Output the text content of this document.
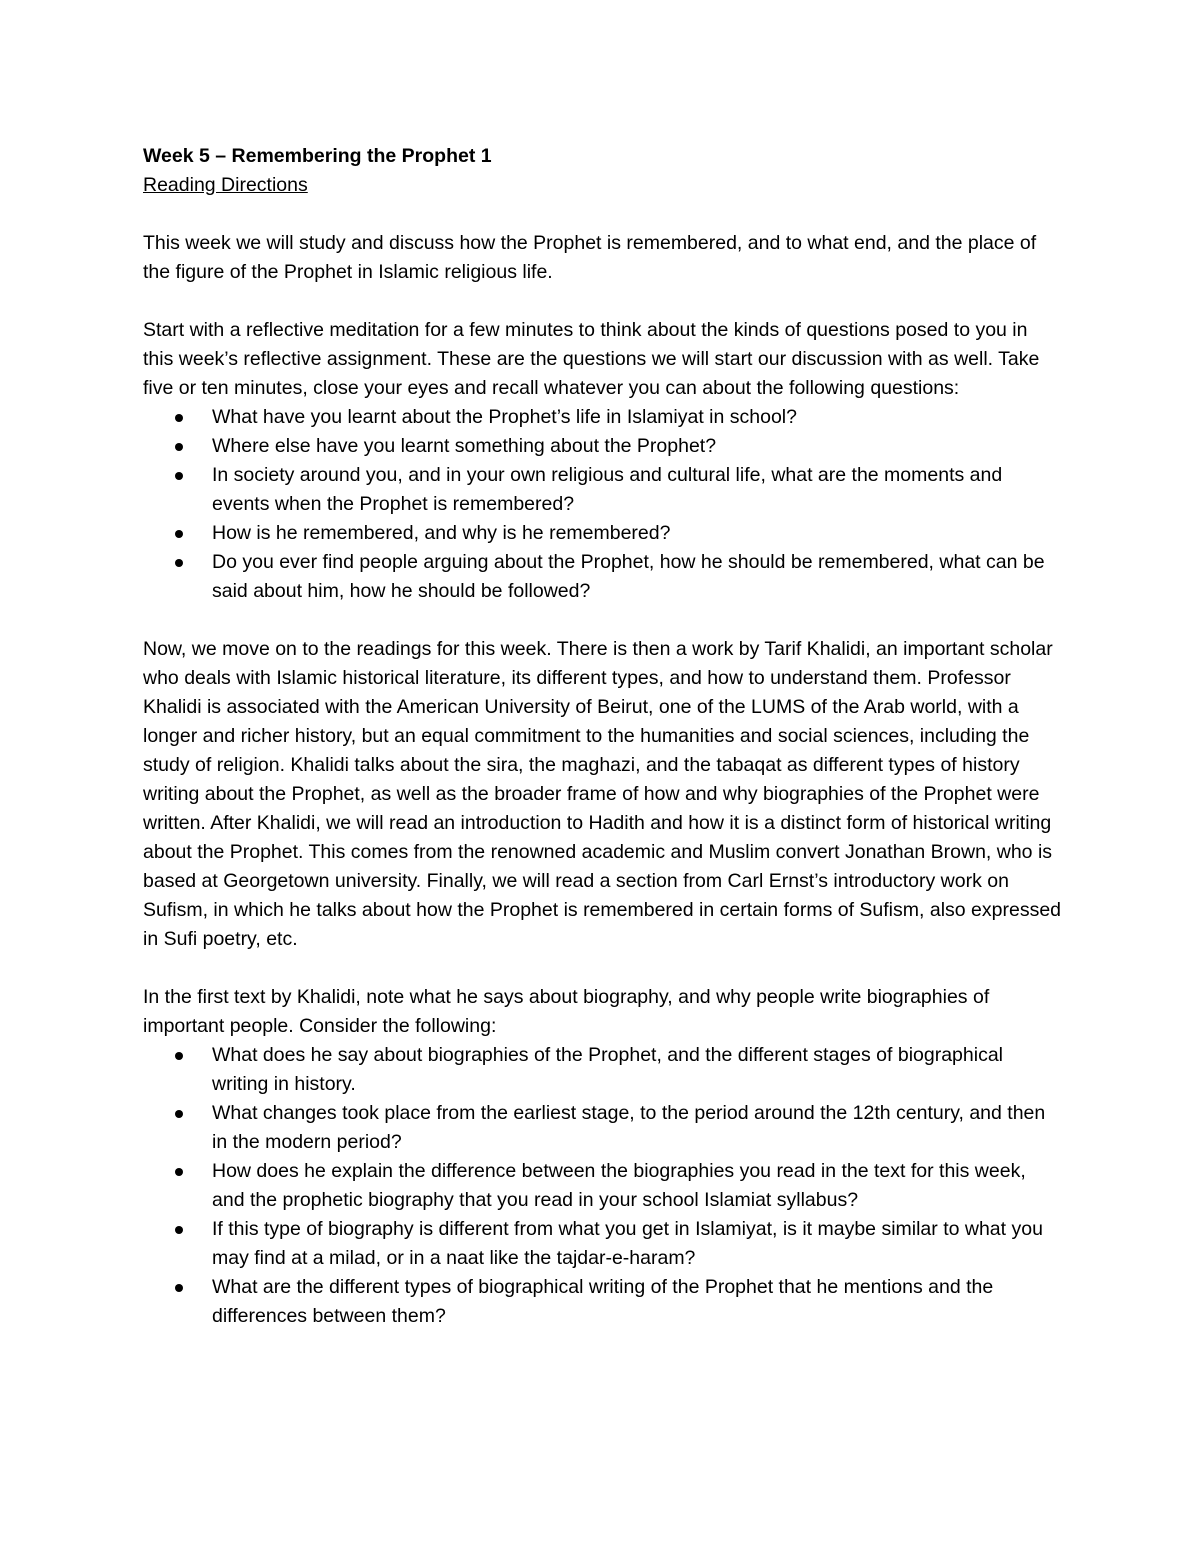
Week 5 – Remembering the Prophet 1

Reading Directions

This week we will study and discuss how the Prophet is remembered, and to what end, and the place of the figure of the Prophet in Islamic religious life.

Start with a reflective meditation for a few minutes to think about the kinds of questions posed to you in this week’s reflective assignment. These are the questions we will start our discussion with as well. Take five or ten minutes, close your eyes and recall whatever you can about the following questions:

What have you learnt about the Prophet’s life in Islamiyat in school?
Where else have you learnt something about the Prophet?
In society around you, and in your own religious and cultural life, what are the moments and events when the Prophet is remembered?
How is he remembered, and why is he remembered?
Do you ever find people arguing about the Prophet, how he should be remembered, what can be said about him, how he should be followed?

Now, we move on to the readings for this week. There is then a work by Tarif Khalidi, an important scholar who deals with Islamic historical literature, its different types, and how to understand them. Professor Khalidi is associated with the American University of Beirut, one of the LUMS of the Arab world, with a longer and richer history, but an equal commitment to the humanities and social sciences, including the study of religion. Khalidi talks about the sira, the maghazi, and the tabaqat as different types of history writing about the Prophet, as well as the broader frame of how and why biographies of the Prophet were written. After Khalidi, we will read an introduction to Hadith and how it is a distinct form of historical writing about the Prophet. This comes from the renowned academic and Muslim convert Jonathan Brown, who is based at Georgetown university. Finally, we will read a section from Carl Ernst’s introductory work on Sufism, in which he talks about how the Prophet is remembered in certain forms of Sufism, also expressed in Sufi poetry, etc.

In the first text by Khalidi, note what he says about biography, and why people write biographies of important people. Consider the following:

What does he say about biographies of the Prophet, and the different stages of biographical writing in history.
What changes took place from the earliest stage, to the period around the 12th century, and then in the modern period?
How does he explain the difference between the biographies you read in the text for this week, and the prophetic biography that you read in your school Islamiat syllabus?
If this type of biography is different from what you get in Islamiyat, is it maybe similar to what you may find at a milad, or in a naat like the tajdar-e-haram?
What are the different types of biographical writing of the Prophet that he mentions and the differences between them?
